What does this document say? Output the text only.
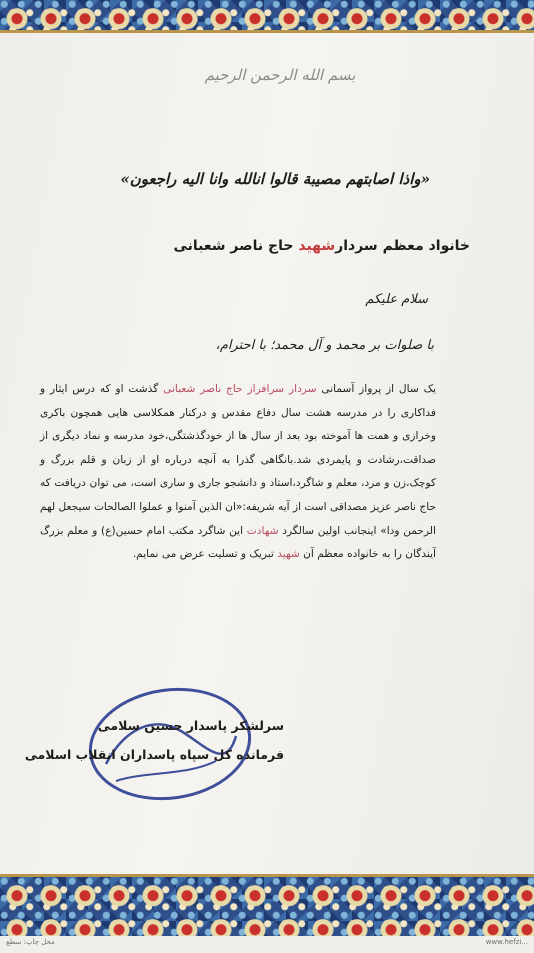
بسم الله الرحمن الرحیم
«واذا اصابتهم مصیبة قالوا انالله وانا الیه راجعون»
خانواد معظم سردارشهید حاج ناصر شعبانی
سلام علیکم
با صلوات بر محمد و آل محمد؛ با احترام،
یک سال از پرواز آسمانی سردار سرافراز حاج ناصر شعبانی گذشت او که درس ایثار و فداکاری را در مدرسه هشت سال دفاع مقدس و درکنار همکلاسی هایی همچون باکری وخرازی و همت ها آموخته بود بعد از سال ها از خودگذشتگی،خود مدرسه و نماد دیگری از صداقت،رشادت و پایمردی شد.بانگاهی گذرا به آنچه درباره او از زبان و قلم بزرگ و کوچک،زن و مرد، معلم و شاگرد،استاد و دانشجو جاری و ساری است، می توان دریافت که حاج ناصر عزیز مصداقی است از آیه شریفه:«ان الذین آمنوا و عملوا الصالحات سیجعل لهم الرحمن ودا» اینجانب اولین سالگرد شهادت این شاگرد مکتب امام حسین(ع) و معلم بزرگ آیندگان را به خانواده معظم آن شهید تبریک و تسلیت عرض می نمایم.
سرلشکر پاسدار حسین سلامی
فرمانده کل سپاه پاسداران انقلاب اسلامی
محل چاپ: سطع	www.hefzi...
